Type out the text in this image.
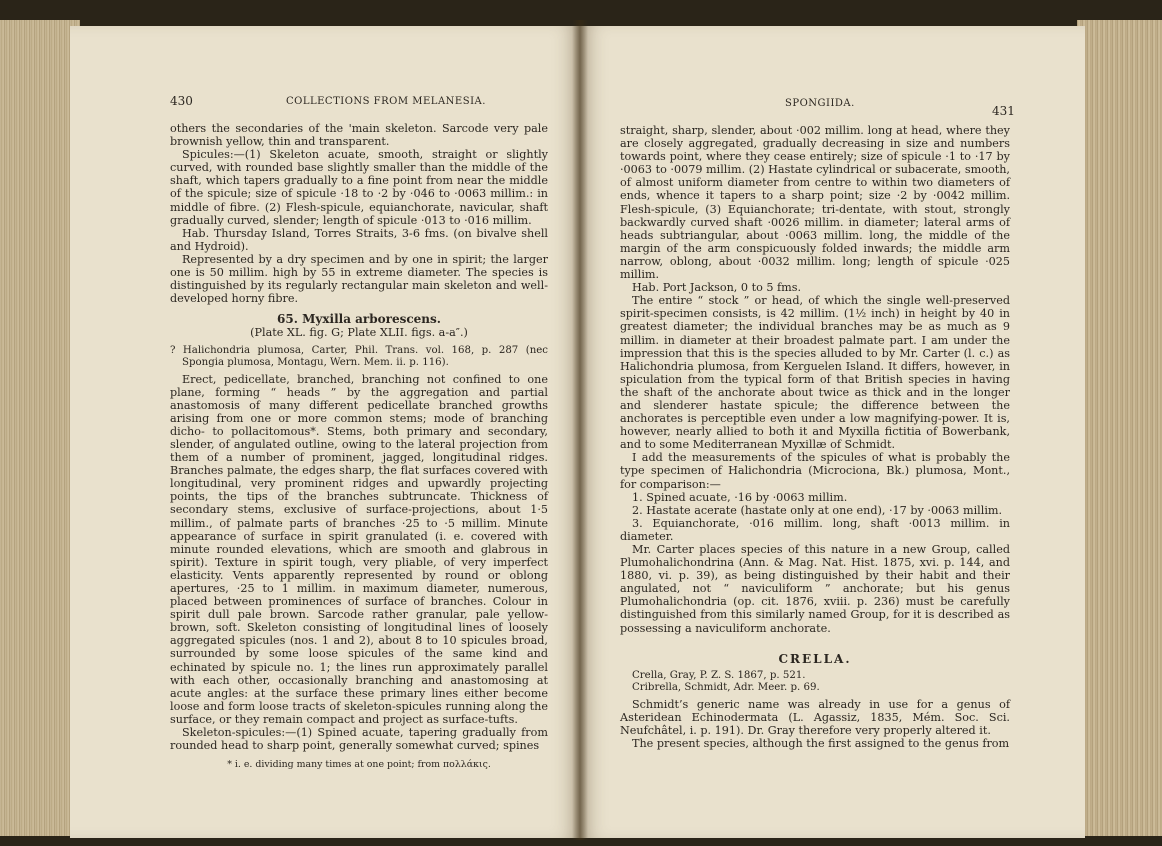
430	COLLECTIONS FROM MELANESIA.

others the secondaries of the 'main skeleton. Sarcode very pale brownish yellow, thin and transparent.

Spicules:—(1) Skeleton acuate, smooth, straight or slightly curved, with rounded base slightly smaller than the middle of the shaft, which tapers gradually to a fine point from near the middle of the spicule; size of spicule ·18 to ·2 by ·046 to ·0063 millim.: in middle of fibre. (2) Flesh-spicule, equianchorate, navicular, shaft gradually curved, slender; length of spicule ·013 to ·016 millim.

Hab. Thursday Island, Torres Straits, 3-6 fms. (on bivalve shell and Hydroid).

Represented by a dry specimen and by one in spirit; the larger one is 50 millim. high by 55 in extreme diameter. The species is distinguished by its regularly rectangular main skeleton and well-developed horny fibre.

65. Myxilla arborescens.
(Plate XL. fig. G; Plate XLII. figs. a-a″.)

? Halichondria plumosa, Carter, Phil. Trans. vol. 168, p. 287 (nec Spongia plumosa, Montagu, Wern. Mem. ii. p. 116).

Erect, pedicellate, branched, branching not confined to one plane, forming “ heads ” by the aggregation and partial anastomosis of many different pedicellate branched growths arising from one or more common stems; mode of branching dicho- to pollacitomous*. Stems, both primary and secondary, slender, of angulated outline, owing to the lateral projection from them of a number of prominent, jagged, longitudinal ridges. Branches palmate, the edges sharp, the flat surfaces covered with longitudinal, very prominent ridges and upwardly projecting points, the tips of the branches subtruncate. Thickness of secondary stems, exclusive of surface-projections, about 1·5 millim., of palmate parts of branches ·25 to ·5 millim. Minute appearance of surface in spirit granulated (i. e. covered with minute rounded elevations, which are smooth and glabrous in spirit). Texture in spirit tough, very pliable, of very imperfect elasticity. Vents apparently represented by round or oblong apertures, ·25 to 1 millim. in maximum diameter, numerous, placed between prominences of surface of branches. Colour in spirit dull pale brown. Sarcode rather granular, pale yellow-brown, soft. Skeleton consisting of longitudinal lines of loosely aggregated spicules (nos. 1 and 2), about 8 to 10 spicules broad, surrounded by some loose spicules of the same kind and echinated by spicule no. 1; the lines run approximately parallel with each other, occasionally branching and anastomosing at acute angles: at the surface these primary lines either become loose and form loose tracts of skeleton-spicules running along the surface, or they remain compact and project as surface-tufts.

Skeleton-spicules:—(1) Spined acuate, tapering gradually from rounded head to sharp point, generally somewhat curved; spines

* i. e. dividing many times at one point; from πολλάκις.
SPONGIIDA.
431

straight, sharp, slender, about ·002 millim. long at head, where they are closely aggregated, gradually decreasing in size and numbers towards point, where they cease entirely; size of spicule ·1 to ·17 by ·0063 to ·0079 millim. (2) Hastate cylindrical or subacerate, smooth, of almost uniform diameter from centre to within two diameters of ends, whence it tapers to a sharp point; size ·2 by ·0042 millim. Flesh-spicule, (3) Equianchorate; tri-dentate, with stout, strongly backwardly curved shaft ·0026 millim. in diameter; lateral arms of heads subtriangular, about ·0063 millim. long, the middle of the margin of the arm conspicuously folded inwards; the middle arm narrow, oblong, about ·0032 millim. long; length of spicule ·025 millim.

Hab. Port Jackson, 0 to 5 fms.

The entire “ stock ” or head, of which the single well-preserved spirit-specimen consists, is 42 millim. (1½ inch) in height by 40 in greatest diameter; the individual branches may be as much as 9 millim. in diameter at their broadest palmate part. I am under the impression that this is the species alluded to by Mr. Carter (l. c.) as Halichondria plumosa, from Kerguelen Island. It differs, however, in spiculation from the typical form of that British species in having the shaft of the anchorate about twice as thick and in the longer and slenderer hastate spicule; the difference between the anchorates is perceptible even under a low magnifying-power. It is, however, nearly allied to both it and Myxilla fictitia of Bowerbank, and to some Mediterranean Myxillæ of Schmidt.

I add the measurements of the spicules of what is probably the type specimen of Halichondria (Microciona, Bk.) plumosa, Mont., for comparison:—

1. Spined acuate, ·16 by ·0063 millim.

2. Hastate acerate (hastate only at one end), ·17 by ·0063 millim.

3. Equianchorate, ·016 millim. long, shaft ·0013 millim. in diameter.

Mr. Carter places species of this nature in a new Group, called Plumohalichondrina (Ann. & Mag. Nat. Hist. 1875, xvi. p. 144, and 1880, vi. p. 39), as being distinguished by their habit and their angulated, not “ naviculiform ” anchorate; but his genus Plumohalichondria (op. cit. 1876, xviii. p. 236) must be carefully distinguished from this similarly named Group, for it is described as possessing a naviculiform anchorate.

CRELLA.
Crella, Gray, P. Z. S. 1867, p. 521.
Cribrella, Schmidt, Adr. Meer. p. 69.

Schmidt’s generic name was already in use for a genus of Asteridean Echinodermata (L. Agassiz, 1835, Mém. Soc. Sci. Neufchâtel, i. p. 191). Dr. Gray therefore very properly altered it.

The present species, although the first assigned to the genus from
